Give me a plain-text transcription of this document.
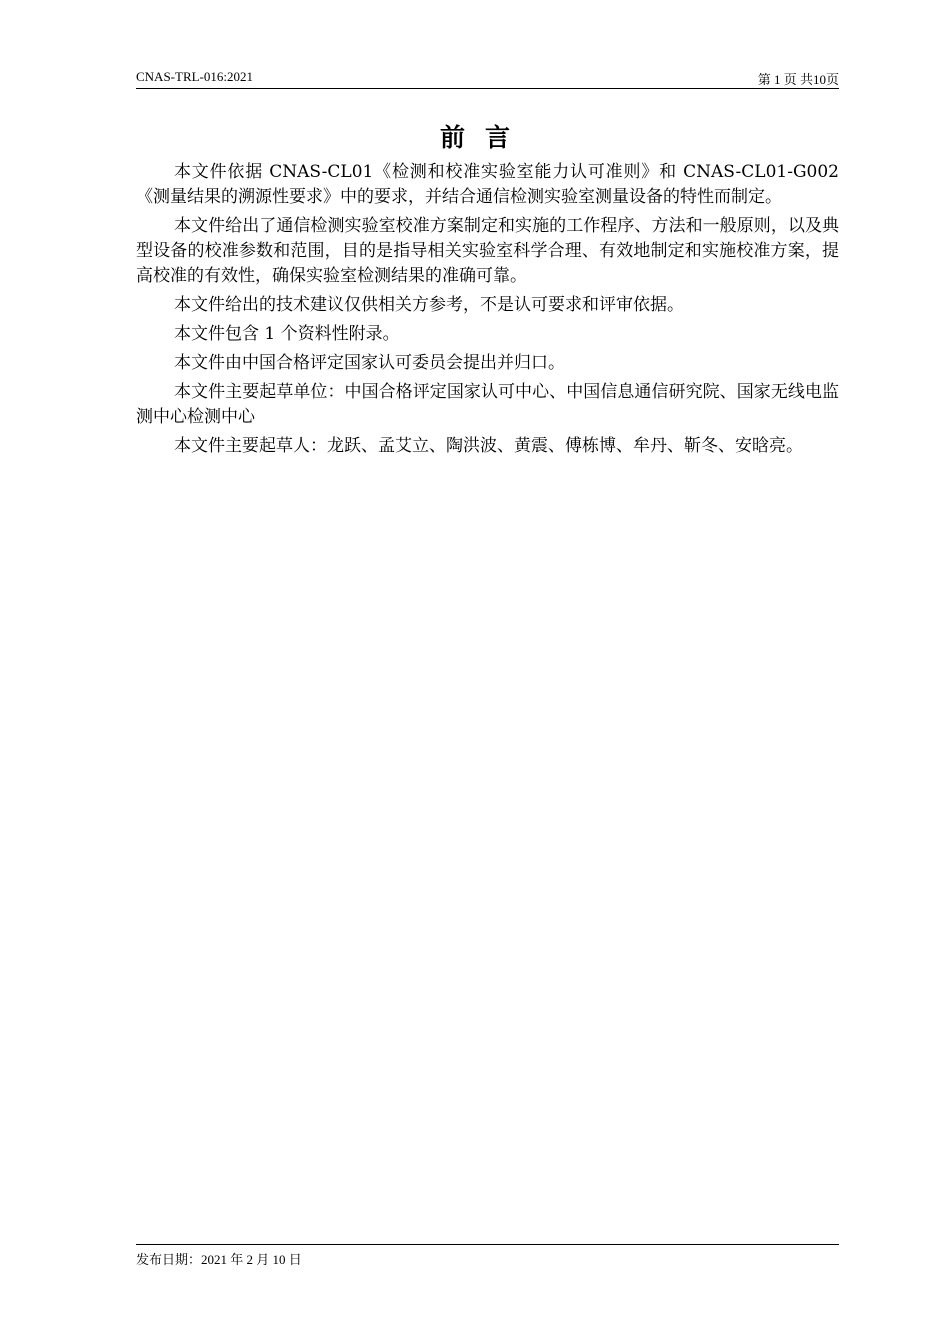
CNAS-TRL-016:2021	第 1 页 共10页
前言

本文件依据 CNAS-CL01《检测和校准实验室能力认可准则》和 CNAS-CL01-G002《测量结果的溯源性要求》中的要求，并结合通信检测实验室测量设备的特性而制定。

本文件给出了通信检测实验室校准方案制定和实施的工作程序、方法和一般原则，以及典型设备的校准参数和范围，目的是指导相关实验室科学合理、有效地制定和实施校准方案，提高校准的有效性，确保实验室检测结果的准确可靠。

本文件给出的技术建议仅供相关方参考，不是认可要求和评审依据。

本文件包含 1 个资料性附录。

本文件由中国合格评定国家认可委员会提出并归口。

本文件主要起草单位：中国合格评定国家认可中心、中国信息通信研究院、国家无线电监测中心检测中心

本文件主要起草人：龙跃、孟艾立、陶洪波、黄震、傅栋博、牟丹、靳冬、安晗亮。

发布日期：2021 年 2 月 10 日
